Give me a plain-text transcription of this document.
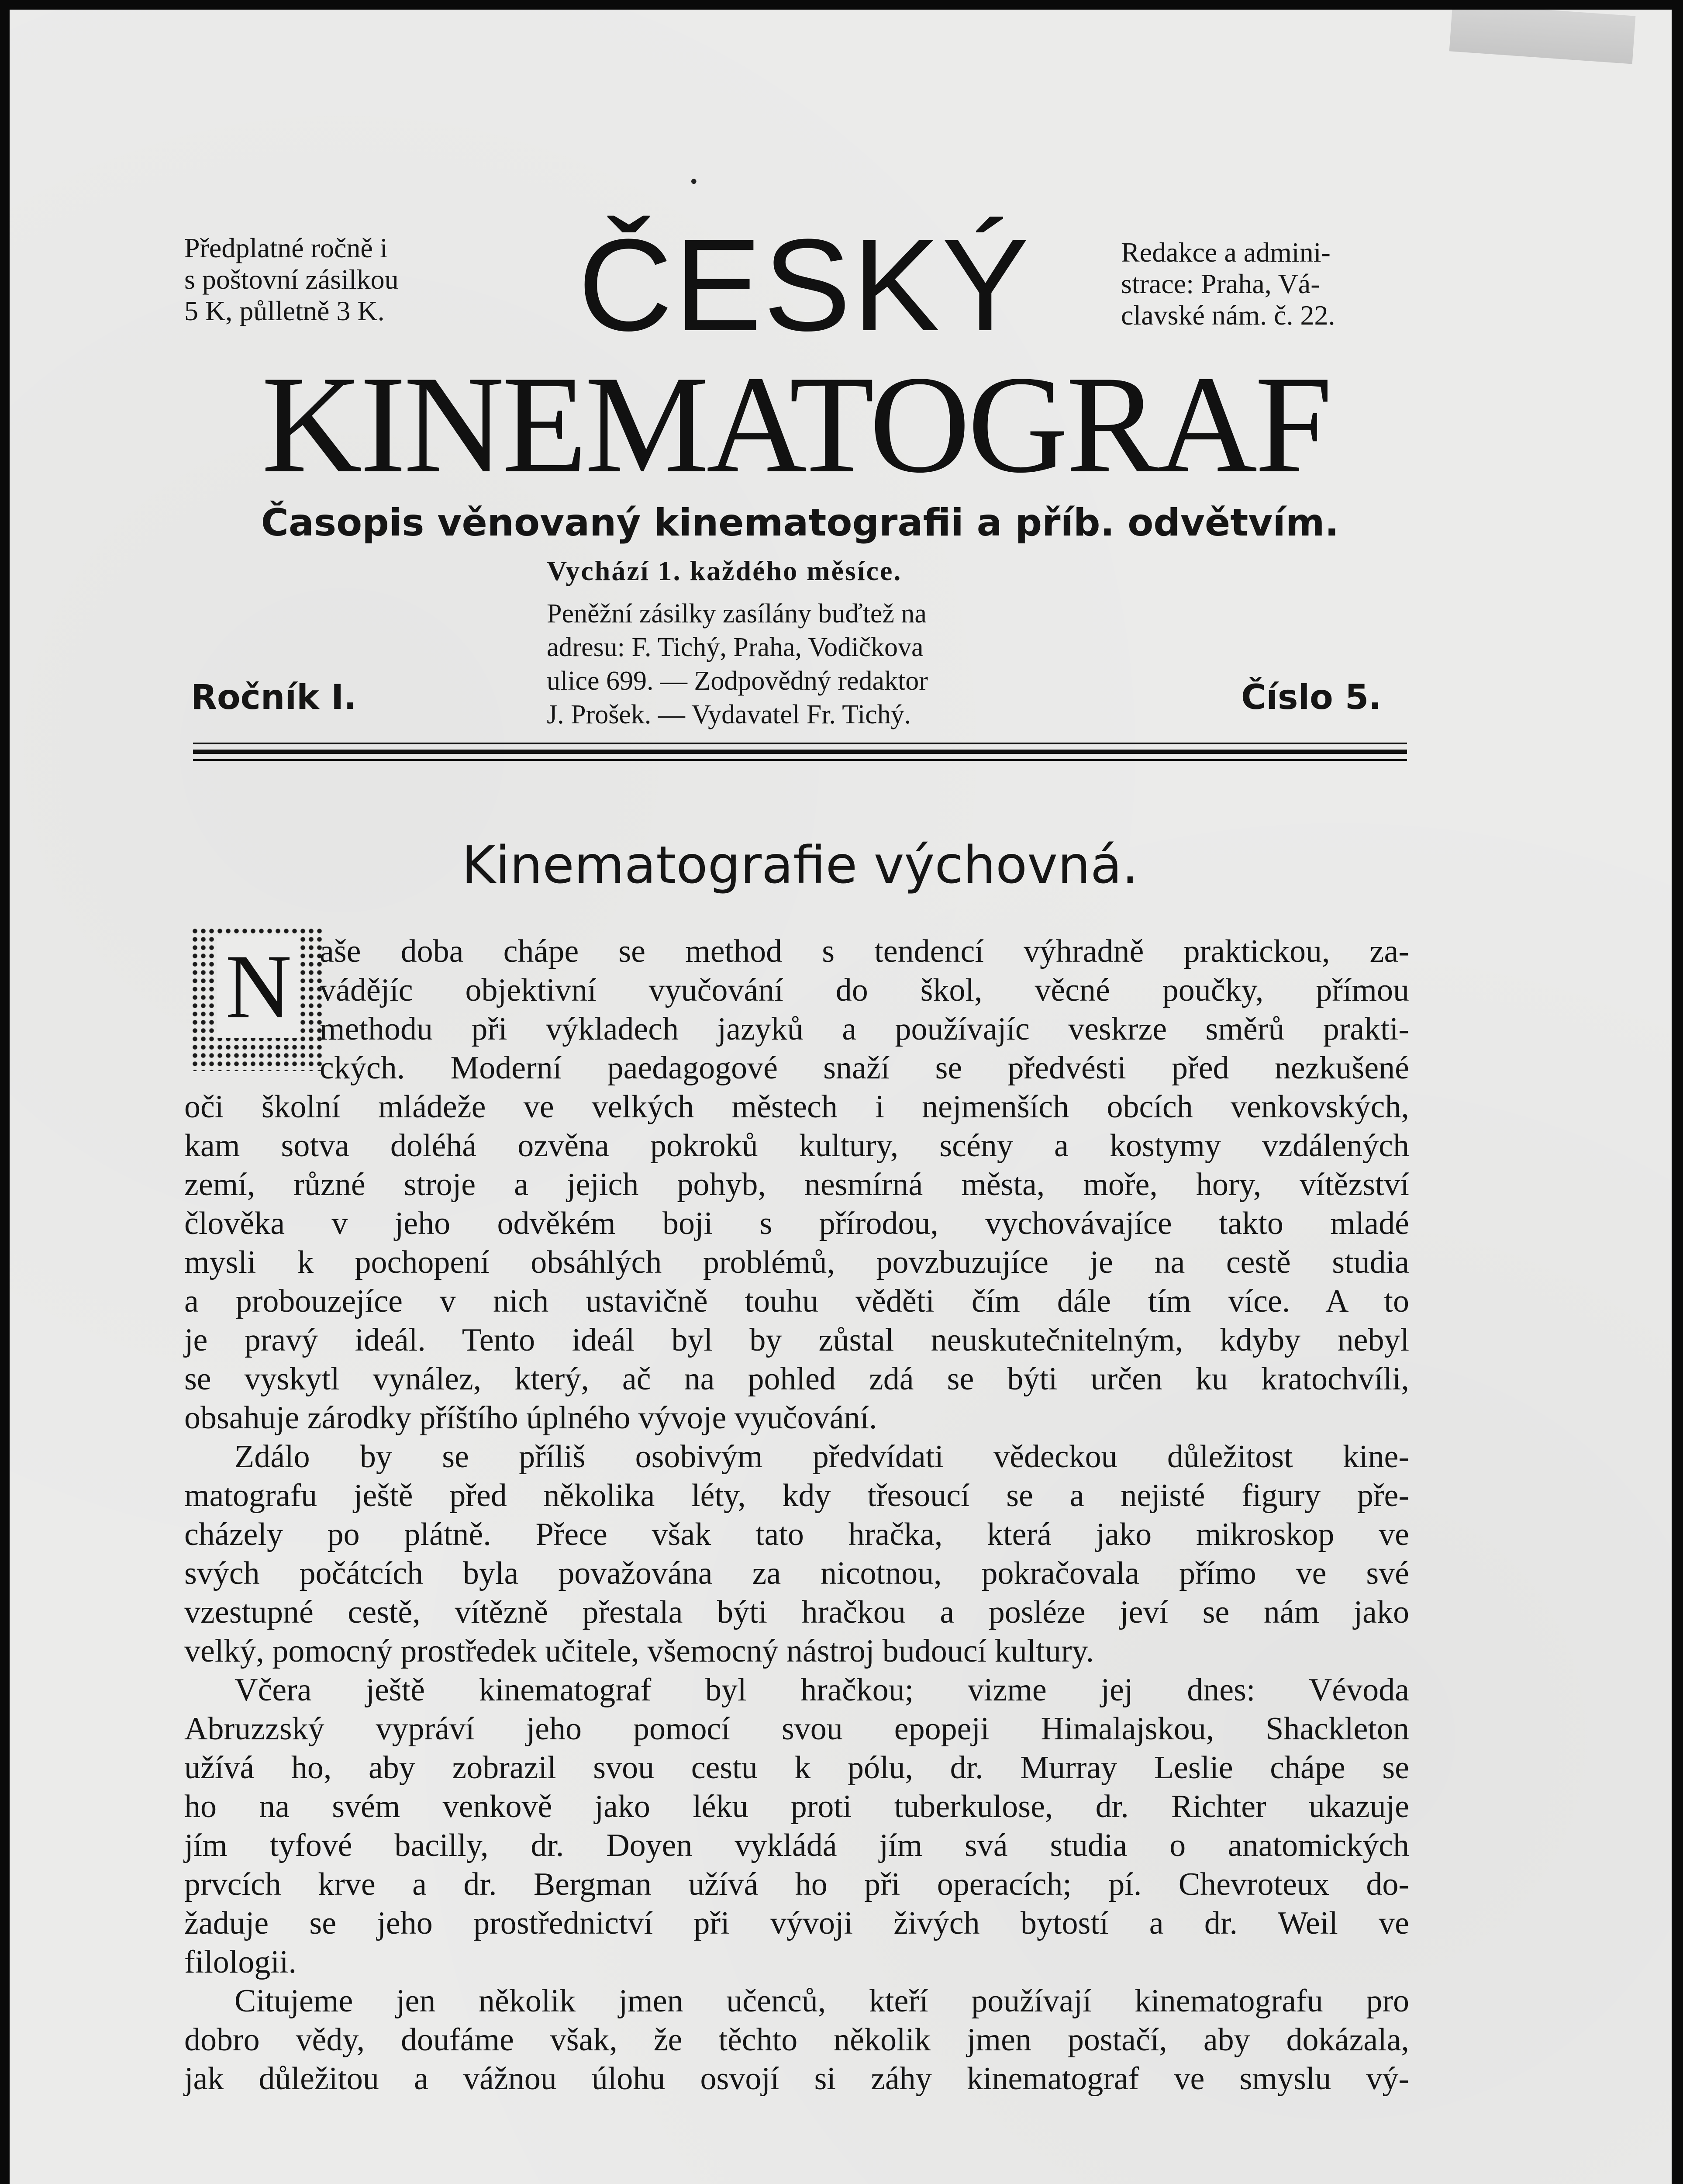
•
Předplatné ročně i
s poštovní zásilkou
5 K, půlletně 3 K.	ČESKÝ	Redakce a admini-
strace: Praha, Vá-
clavské nám. č. 22.
KINEMATOGRAF
Časopis věnovaný kinematografii a příb. odvětvím.
Vychází 1. každého měsíce.
Peněžní zásilky zasílány buďtež na
adresu: F. Tichý, Praha, Vodičkova
ulice 699. — Zodpovědný redaktor
J. Prošek. — Vydavatel Fr. Tichý.
Ročník I.	Číslo 5.
Kinematografie výchovná.
N aše doba chápe se method s tendencí výhradně praktickou, za-
vádějíc objektivní vyučování do škol, věcné poučky, přímou
methodu při výkladech jazyků a používajíc veskrze směrů prakti-
ckých. Moderní paedagogové snaží se předvésti před nezkušené
oči školní mládeže ve velkých městech i nejmenších obcích venkovských,
kam sotva doléhá ozvěna pokroků kultury, scény a kostymy vzdálených
zemí, různé stroje a jejich pohyb, nesmírná města, moře, hory, vítězství
člověka v jeho odvěkém boji s přírodou, vychovávajíce takto mladé
mysli k pochopení obsáhlých problémů, povzbuzujíce je na cestě studia
a probouzejíce v nich ustavičně touhu věděti čím dále tím více. A to
je pravý ideál. Tento ideál byl by zůstal neuskutečnitelným, kdyby nebyl
se vyskytl vynález, který, ač na pohled zdá se býti určen ku kratochvíli,
obsahuje zárodky příštího úplného vývoje vyučování.
Zdálo by se příliš osobivým předvídati vědeckou důležitost kine-
matografu ještě před několika léty, kdy třesoucí se a nejisté figury pře-
cházely po plátně. Přece však tato hračka, která jako mikroskop ve
svých počátcích byla považována za nicotnou, pokračovala přímo ve své
vzestupné cestě, vítězně přestala býti hračkou a posléze jeví se nám jako
velký, pomocný prostředek učitele, všemocný nástroj budoucí kultury.
Včera ještě kinematograf byl hračkou; vizme jej dnes: Vévoda
Abruzzský vypráví jeho pomocí svou epopeji Himalajskou, Shackleton
užívá ho, aby zobrazil svou cestu k pólu, dr. Murray Leslie chápe se
ho na svém venkově jako léku proti tuberkulose, dr. Richter ukazuje
jím tyfové bacilly, dr. Doyen vykládá jím svá studia o anatomických
prvcích krve a dr. Bergman užívá ho při operacích; pí. Chevroteux do-
žaduje se jeho prostřednictví při vývoji živých bytostí a dr. Weil ve
filologii.
Citujeme jen několik jmen učenců, kteří používají kinematografu pro
dobro vědy, doufáme však, že těchto několik jmen postačí, aby dokázala,
jak důležitou a vážnou úlohu osvojí si záhy kinematograf ve smyslu vý-
